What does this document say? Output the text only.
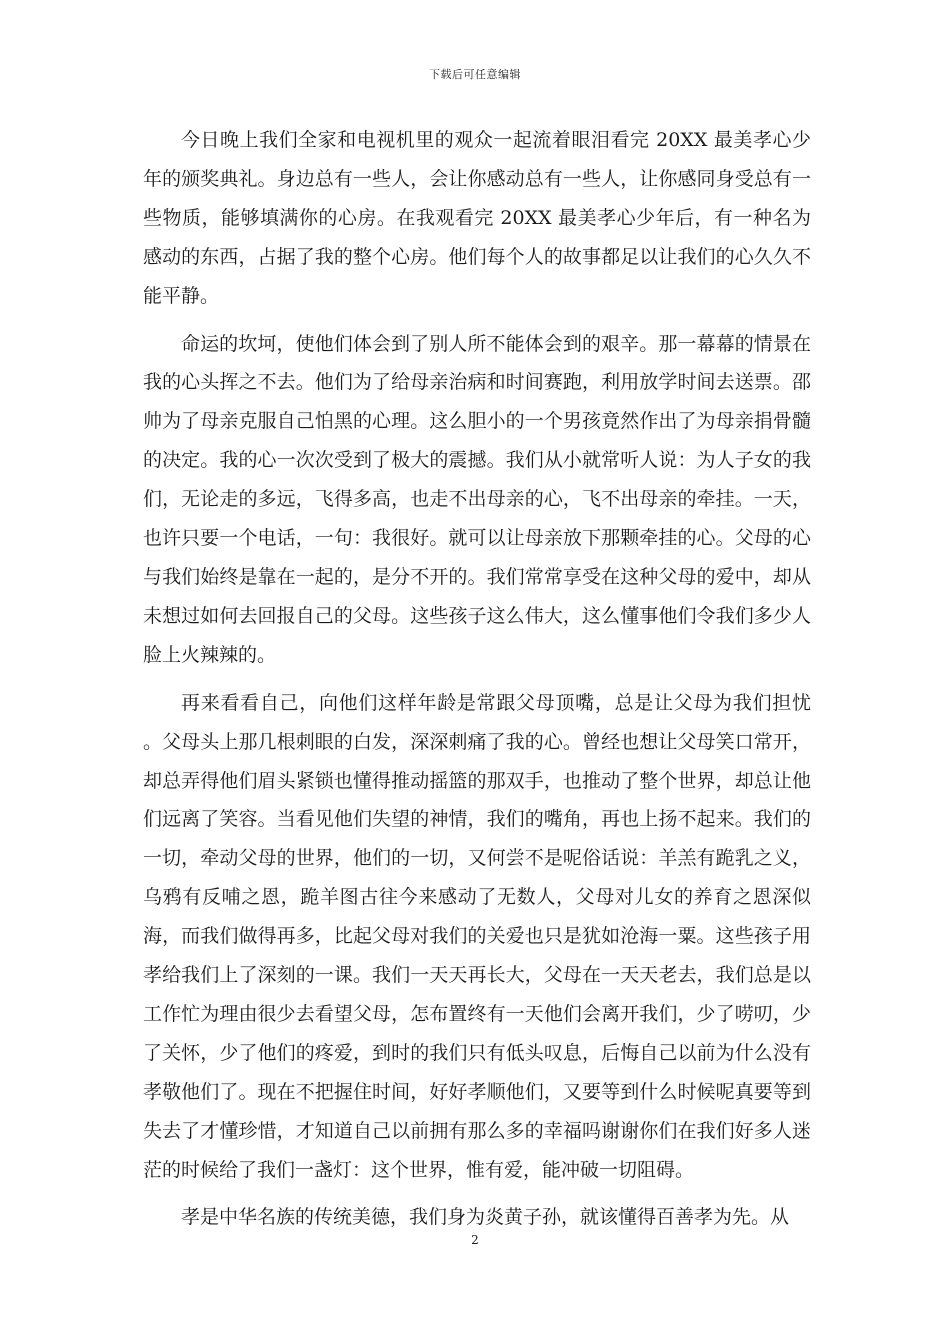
下载后可任意编辑

今日晚上我们全家和电视机里的观众一起流着眼泪看完 20XX 最美孝心少年的颁奖典礼。身边总有一些人，会让你感动总有一些人，让你感同身受总有一些物质，能够填满你的心房。在我观看完 20XX 最美孝心少年后，有一种名为感动的东西，占据了我的整个心房。他们每个人的故事都足以让我们的心久久不能平静。

命运的坎坷，使他们体会到了别人所不能体会到的艰辛。那一幕幕的情景在我的心头挥之不去。他们为了给母亲治病和时间赛跑，利用放学时间去送票。邵帅为了母亲克服自己怕黑的心理。这么胆小的一个男孩竟然作出了为母亲捐骨髓的决定。我的心一次次受到了极大的震撼。我们从小就常听人说：为人子女的我们，无论走的多远，飞得多高，也走不出母亲的心，飞不出母亲的牵挂。一天，也许只要一个电话，一句：我很好。就可以让母亲放下那颗牵挂的心。父母的心与我们始终是靠在一起的，是分不开的。我们常常享受在这种父母的爱中，却从未想过如何去回报自己的父母。这些孩子这么伟大，这么懂事他们令我们多少人脸上火辣辣的。

再来看看自己，向他们这样年龄是常跟父母顶嘴，总是让父母为我们担忧 。父母头上那几根刺眼的白发，深深刺痛了我的心。曾经也想让父母笑口常开，却总弄得他们眉头紧锁也懂得推动摇篮的那双手，也推动了整个世界，却总让他们远离了笑容。当看见他们失望的神情，我们的嘴角，再也上扬不起来。我们的一切，牵动父母的世界，他们的一切，又何尝不是呢俗话说：羊羔有跪乳之义，乌鸦有反哺之恩，跪羊图古往今来感动了无数人，父母对儿女的养育之恩深似海，而我们做得再多，比起父母对我们的关爱也只是犹如沧海一粟。这些孩子用孝给我们上了深刻的一课。我们一天天再长大，父母在一天天老去，我们总是以工作忙为理由很少去看望父母，怎布置终有一天他们会离开我们，少了唠叨，少了关怀，少了他们的疼爱，到时的我们只有低头叹息，后悔自己以前为什么没有孝敬他们了。现在不把握住时间，好好孝顺他们，又要等到什么时候呢真要等到失去了才懂珍惜，才知道自己以前拥有那么多的幸福吗谢谢你们在我们好多人迷茫的时候给了我们一盏灯：这个世界，惟有爱，能冲破一切阻碍。

孝是中华名族的传统美德，我们身为炎黄子孙，就该懂得百善孝为先。从

2
